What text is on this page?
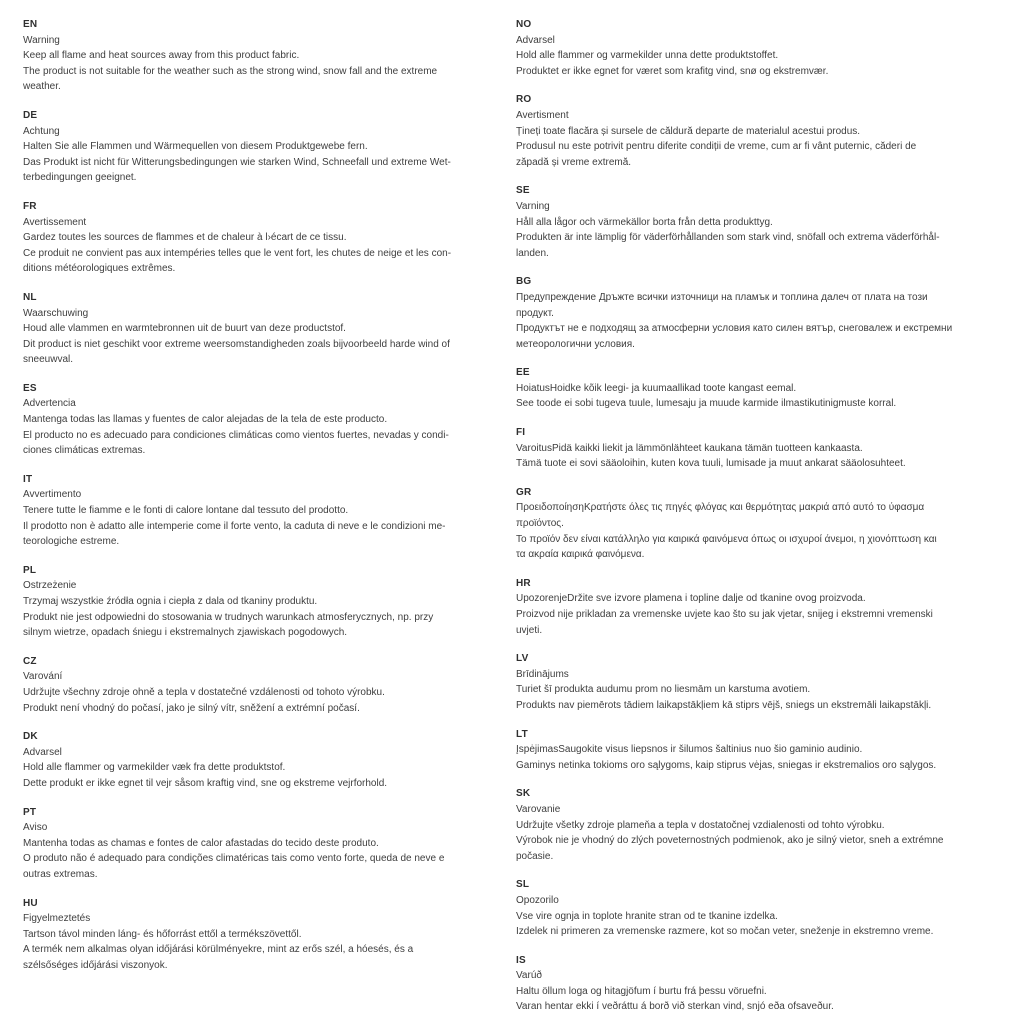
EN
Warning
Keep all flame and heat sources away from this product fabric.
The product is not suitable for the weather such as the strong wind, snow fall and the extreme
weather.
DE
Achtung
Halten Sie alle Flammen und Wärmequellen von diesem Produktgewebe fern.
Das Produkt ist nicht für Witterungsbedingungen wie starken Wind, Schneefall und extreme Wet-
terbedingungen geeignet.
FR
Avertissement
Gardez toutes les sources de flammes et de chaleur à l›écart de ce tissu.
Ce produit ne convient pas aux intempéries telles que le vent fort, les chutes de neige et les con-
ditions météorologiques extrêmes.
NL
Waarschuwing
Houd alle vlammen en warmtebronnen uit de buurt van deze productstof.
Dit product is niet geschikt voor extreme weersomstandigheden zoals bijvoorbeeld harde wind of
sneeuwval.
ES
Advertencia
Mantenga todas las llamas y fuentes de calor alejadas de la tela de este producto.
El producto no es adecuado para condiciones climáticas como vientos fuertes, nevadas y condi-
ciones climáticas extremas.
IT
Avvertimento
Tenere tutte le fiamme e le fonti di calore lontane dal tessuto del prodotto.
Il prodotto non è adatto alle intemperie come il forte vento, la caduta di neve e le condizioni me-
teorologiche estreme.
PL
Ostrzeżenie
Trzymaj wszystkie źródła ognia i ciepła z dala od tkaniny produktu.
Produkt nie jest odpowiedni do stosowania w trudnych warunkach atmosferycznych, np. przy
silnym wietrze, opadach śniegu i ekstremalnych zjawiskach pogodowych.
CZ
Varování
Udržujte všechny zdroje ohně a tepla v dostatečné vzdálenosti od tohoto výrobku.
Produkt není vhodný do počasí, jako je silný vítr, sněžení a extrémní počasí.
DK
Advarsel
Hold alle flammer og varmekilder væk fra dette produktstof.
Dette produkt er ikke egnet til vejr såsom kraftig vind, sne og ekstreme vejrforhold.
PT
Aviso
Mantenha todas as chamas e fontes de calor afastadas do tecido deste produto.
O produto não é adequado para condições climatéricas tais como vento forte, queda de neve e
outras extremas.
HU
Figyelmeztetés
Tartson távol minden láng- és hőforrást ettől a termékszövettől.
A termék nem alkalmas olyan időjárási körülményekre, mint az erős szél, a hóesés, és a
szélsőséges időjárási viszonyok.
NO
Advarsel
Hold alle flammer og varmekilder unna dette produktstoffet.
Produktet er ikke egnet for været som krafitg vind, snø og ekstremvær.
RO
Avertisment
Țineți toate flacăra și sursele de căldură departe de materialul acestui produs.
Produsul nu este potrivit pentru diferite condiții de vreme, cum ar fi vânt puternic, căderi de
zăpadă și vreme extremă.
SE
Varning
Håll alla lågor och värmekällor borta från detta produkttyg.
Produkten är inte lämplig för väderförhållanden som stark vind, snöfall och extrema väderförhål-
landen.
BG
Предупреждение Дръжте всички източници на пламък и топлина далеч от плата на този
продукт.
Продуктът не е подходящ за атмосферни условия като силен вятър, снеговалеж и екстремни
метеорологични условия.
EE
HoiatusHoidke kõik leegi- ja kuumaallikad toote kangast eemal.
See toode ei sobi tugeva tuule, lumesaju ja muude karmide ilmastikutinigmuste korral.
FI
VaroitusPidä kaikki liekit ja lämmönlähteet kaukana tämän tuotteen kankaasta.
Tämä tuote ei sovi sääoloihin, kuten kova tuuli, lumisade ja muut ankarat sääolosuhteet.
GR
ΠροειδοποίησηΚρατήστε όλες τις πηγές φλόγας και θερμότητας μακριά από αυτό το ύφασμα
προϊόντος.
Το προϊόν δεν είναι κατάλληλο για καιρικά φαινόμενα όπως οι ισχυροί άνεμοι, η χιονόπτωση και
τα ακραία καιρικά φαινόμενα.
HR
UpozorenjeDržite sve izvore plamena i topline dalje od tkanine ovog proizvoda.
Proizvod nije prikladan za vremenske uvjete kao što su jak vjetar, snijeg i ekstremni vremenski
uvjeti.
LV
Brīdinājums
Turiet šī produkta audumu prom no liesmām un karstuma avotiem.
Produkts nav piemērots tādiem laikapstākļiem kā stiprs vējš, sniegs un ekstremāli laikapstākļi.
LT
ĮspėjimasSaugokite visus liepsnos ir šilumos šaltinius nuo šio gaminio audinio.
Gaminys netinka tokioms oro sąlygoms, kaip stiprus vėjas, sniegas ir ekstremalios oro sąlygos.
SK
Varovanie
Udržujte všetky zdroje plameňa a tepla v dostatočnej vzdialenosti od tohto výrobku.
Výrobok nie je vhodný do zlých poveternostných podmienok, ako je silný vietor, sneh a extrémne
počasie.
SL
Opozorilo
Vse vire ognja in toplote hranite stran od te tkanine izdelka.
Izdelek ni primeren za vremenske razmere, kot so močan veter, sneženje in ekstremno vreme.
IS
Varúð
Haltu öllum loga og hitagjöfum í burtu frá þessu vöruefni.
Varan hentar ekki í veðráttu á borð við sterkan vind, snjó eða ofsaveður.
